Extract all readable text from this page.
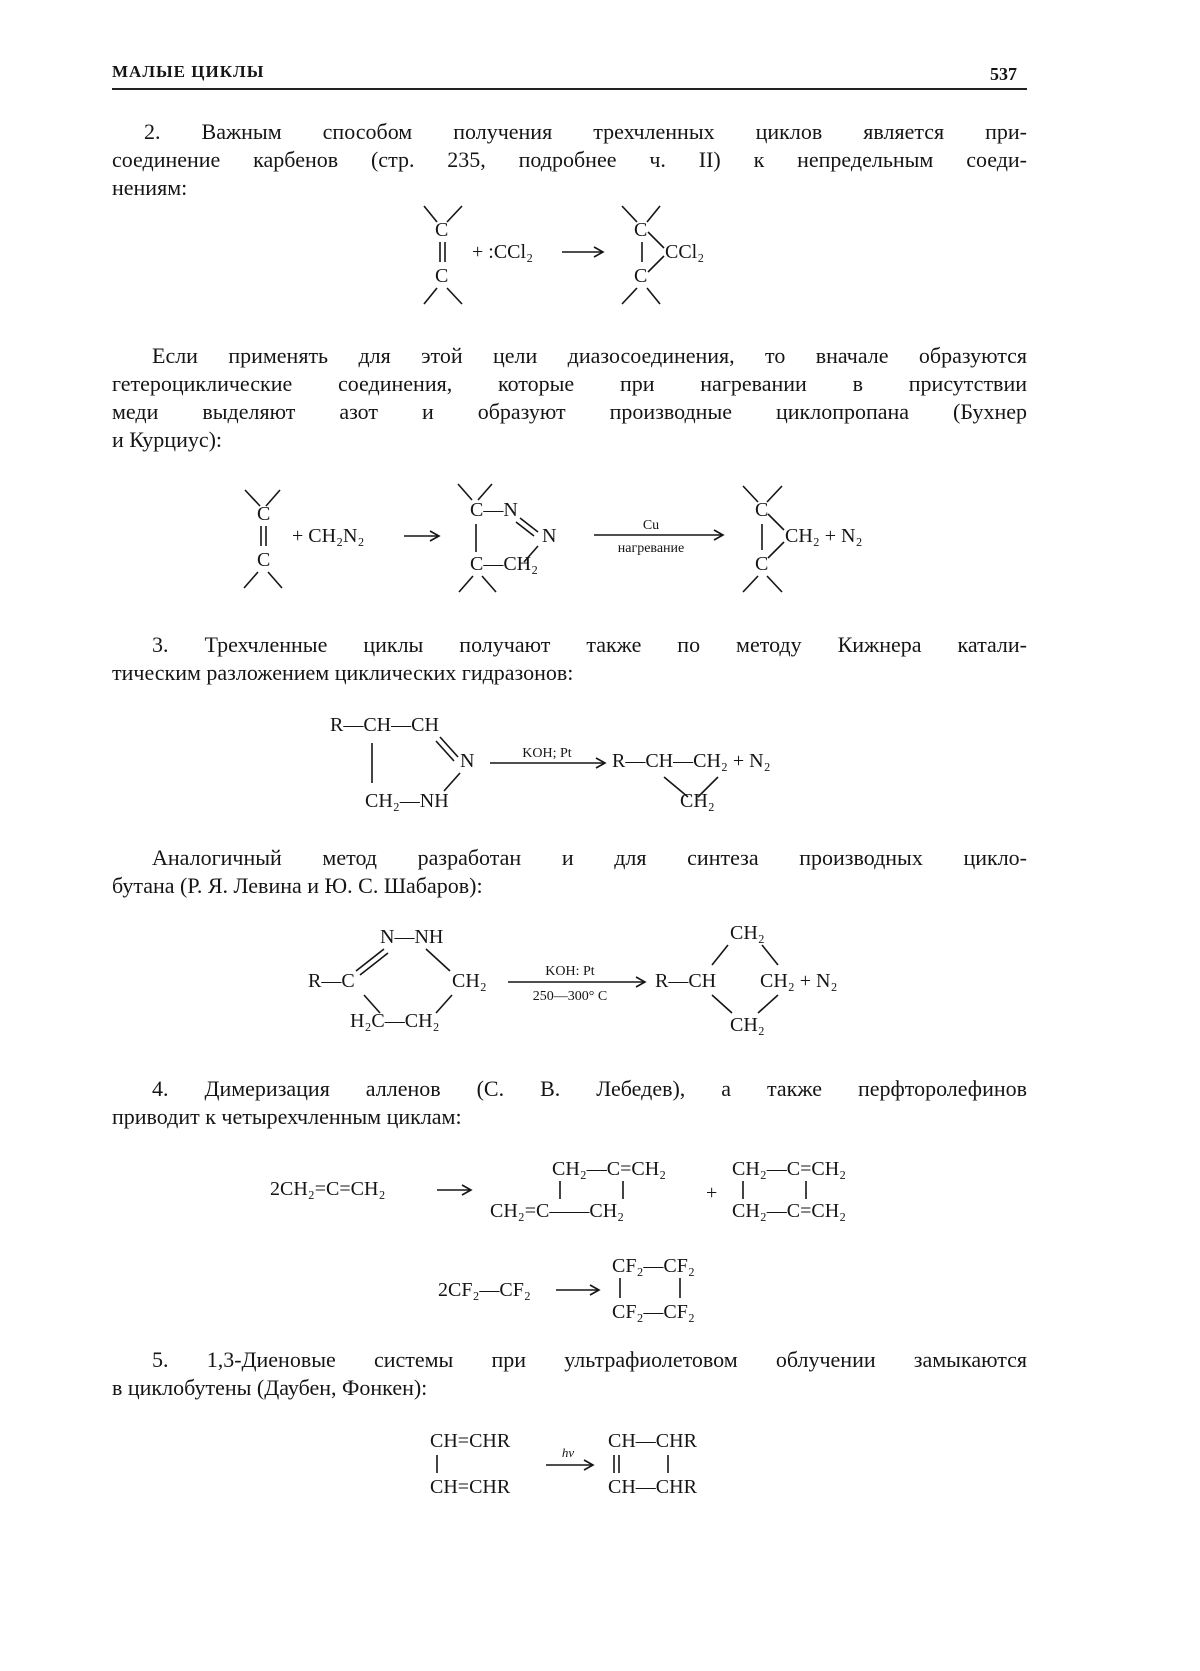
МАЛЫЕ ЦИКЛЫ	537
2. Важным способом получения трехчленных циклов является при-
соединение карбенов (стр. 235, подробнее ч. II) к непредельным соеди-
нениям:
C
C
+ :CCl₂
C
C
CCl₂
Если применять для этой цели диазосоединения, то вначале образуются
гетероциклические соединения, которые при нагревании в присутствии
меди выделяют азот и образуют производные циклопропана (Бухнер
и Курциус):
C
C
+ CH₂N₂
C—N
N
C—CH₂
Cu
нагревание
C
C
CH₂ + N₂
3. Трехчленные циклы получают также по методу Кижнера катали-
тическим разложением циклических гидразонов:
R—CH—CH
N
CH₂—NH
KOH; Pt R—CH—CH₂ + N₂
CH₂
Аналогичный метод разработан и для синтеза производных цикло-
бутана (Р. Я. Левина и Ю. С. Шабаров):
N—NH
R—C	CH₂
H₂C—CH₂
KOH: Pt
250—300° C
CH₂
R—CH CH₂ + N₂
CH₂
4. Димеризация алленов (С. В. Лебедев), а также перфторолефинов
приводит к четырехчленным циклам:
2CH₂=C=CH₂
CH₂—C=CH₂
CH₂=C——CH₂
+
CH₂—C=CH₂
CH₂—C=CH₂
2CF₂—CF₂
CF₂—CF₂
CF₂—CF₂
5. 1,3-Диеновые системы при ультрафиолетовом облучении замыкаются
в циклобутены (Даубен, Фонкен):
CH=CHR
CH=CHR
hν
CH—CHR
CH—CHR
